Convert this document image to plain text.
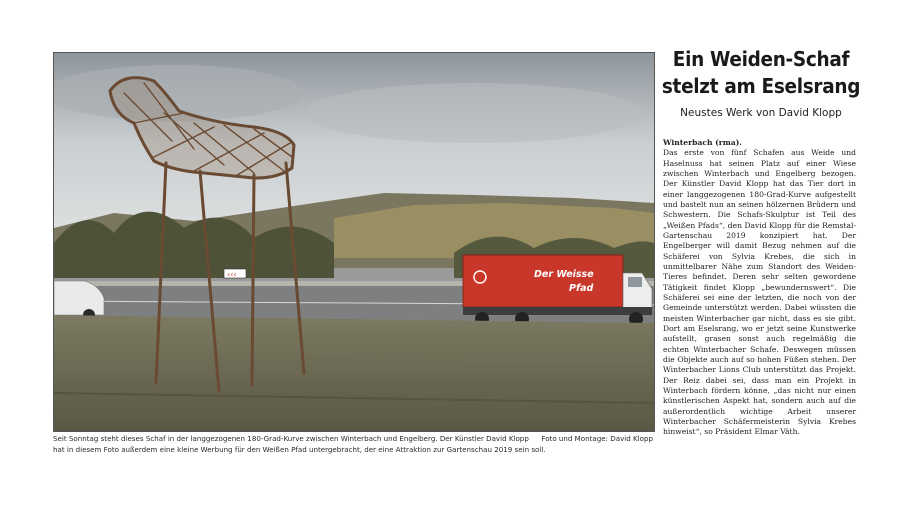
‹‹‹	Der Weisse
Pfad
Foto und Montage: David Klopp
Seit Sonntag steht dieses Schaf in der langgezogenen 180-Grad-Kurve zwischen Winterbach und Engelberg. Der Künstler David Klopp hat in diesem Foto außerdem eine kleine Werbung für den Weißen Pfad untergebracht, der eine Attraktion zur Gartenschau 2019 sein soll.
Ein Weiden-Schaf stelzt am Eselsrang
Neustes Werk von David Klopp
Winterbach (rma).
Das erste von fünf Schafen aus Weide und Haselnuss hat seinen Platz auf einer Wiese zwischen Winterbach und Engelberg bezogen. Der Künstler David Klopp hat das Tier dort in einer langgezogenen 180-Grad-Kurve aufgestellt und bastelt nun an seinen hölzernen Brüdern und Schwestern. Die Schafs-Skulptur ist Teil des „Weißen Pfads“, den David Klopp für die Remstal-Gartenschau 2019 konzipiert hat. Der Engelberger will damit Bezug nehmen auf die Schäferei von Sylvia Krebes, die sich in unmittelbarer Nähe zum Standort des Weiden-Tieres befindet. Deren sehr selten gewordene Tätigkeit findet Klopp „bewundernswert“. Die Schäferei sei eine der letzten, die noch von der Gemeinde unterstützt werden. Dabei wüssten die meisten Winterbacher gar nicht, dass es sie gibt. Dort am Eselsrang, wo er jetzt seine Kunstwerke aufstellt, grasen sonst auch regelmäßig die echten Winterbacher Schafe. Deswegen müssen die Objekte auch auf so hohen Füßen stehen. Der Winterbacher Lions Club unterstützt das Projekt. Der Reiz dabei sei, dass man ein Projekt in Winterbach fördern könne, „das nicht nur einen künstlerischen Aspekt hat, sondern auch auf die außerordentlich wichtige Arbeit unserer Winterbacher Schäfermeisterin Sylvia Krebes hinweist“, so Präsident Elmar Väth.
